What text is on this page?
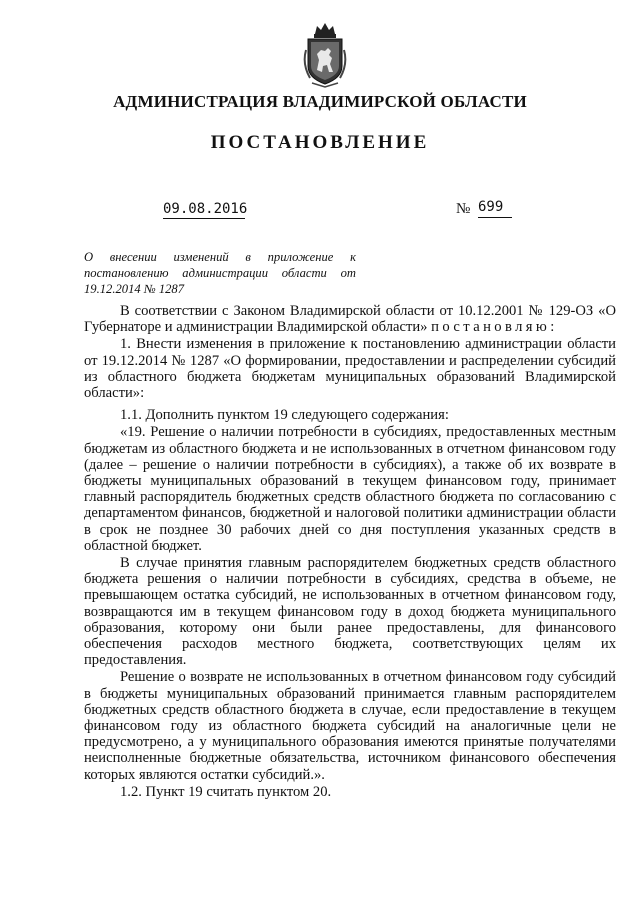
АДМИНИСТРАЦИЯ ВЛАДИМИРСКОЙ ОБЛАСТИ
ПОСТАНОВЛЕНИЕ
09.08.2016	№ 699

О внесении изменений в приложение к постановлению администрации области от 19.12.2014 № 1287

В соответствии с Законом Владимирской области от 10.12.2001 № 129-ОЗ «О Губернаторе и администрации Владимирской области» постановляю:

1. Внести изменения в приложение к постановлению администрации области от 19.12.2014 № 1287 «О формировании, предоставлении и распределении субсидий из областного бюджета бюджетам муниципальных образований Владимирской области»:

1.1. Дополнить пунктом 19 следующего содержания:

«19. Решение о наличии потребности в субсидиях, предоставленных местным бюджетам из областного бюджета и не использованных в отчетном финансовом году (далее – решение о наличии потребности в субсидиях), а также об их возврате в бюджеты муниципальных образований в текущем финансовом году, принимает главный распорядитель бюджетных средств областного бюджета по согласованию с департаментом финансов, бюджетной и налоговой политики администрации области в срок не позднее 30 рабочих дней со дня поступления указанных средств в областной бюджет.

В случае принятия главным распорядителем бюджетных средств областного бюджета решения о наличии потребности в субсидиях, средства в объеме, не превышающем остатка субсидий, не использованных в отчетном финансовом году, возвращаются им в текущем финансовом году в доход бюджета муниципального образования, которому они были ранее предоставлены, для финансового обеспечения расходов местного бюджета, соответствующих целям их предоставления.

Решение о возврате не использованных в отчетном финансовом году субсидий в бюджеты муниципальных образований принимается главным распорядителем бюджетных средств областного бюджета в случае, если предоставление в текущем финансовом году из областного бюджета субсидий на аналогичные цели не предусмотрено, а у муниципального образования имеются принятые получателями неисполненные бюджетные обязательства, источником финансового обеспечения которых являются остатки субсидий.».

1.2. Пункт 19 считать пунктом 20.
